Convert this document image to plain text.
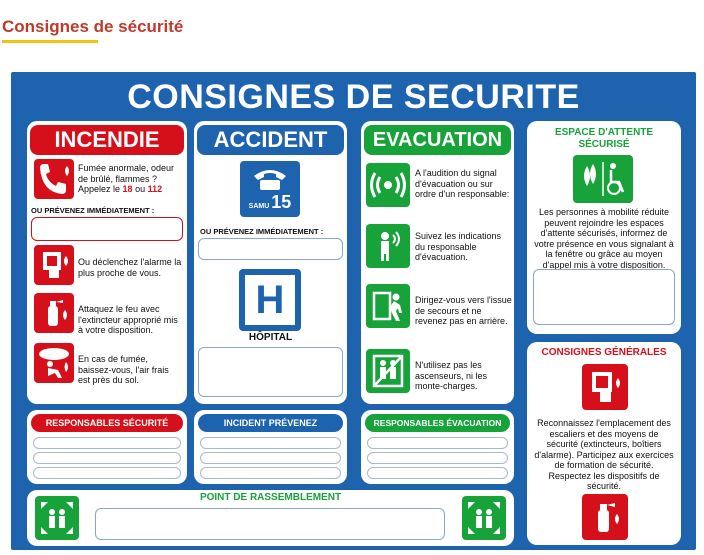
Consignes de sécurité
CONSIGNES DE SECURITE
INCENDIE
Fumée anormale, odeur de brûlé, flammes ?
Appelez le 18 ou 112
OU PRÉVENEZ IMMÉDIATEMENT :
Ou déclenchez l'alarme la plus proche de vous.
Attaquez le feu avec l'extincteur approprié mis à votre disposition.
En cas de fumée, baissez-vous, l'air frais est près du sol.
ACCIDENT
SAMU 15
OU PRÉVENEZ IMMÉDIATEMENT :
H
HÔPITAL
EVACUATION
A l'audition du signal d'évacuation ou sur ordre d'un responsable:
Suivez les indications du responsable d'évacuation.
Dirigez-vous vers l'issue de secours et ne revenez pas en arrière.
N'utilisez pas les ascenseurs, ni les monte-charges.
ESPACE D'ATTENTE SÉCURISÉ
Les personnes à mobilité réduite peuvent rejoindre les espaces d'attente sécurisés, informez de votre présence en vous signalant à la fenêtre ou grâce au moyen d'appel mis à votre disposition.
CONSIGNES GÉNÉRALES
Reconnaissez l'emplacement des escaliers et des moyens de sécurité (extincteurs, boîtiers d'alarme). Participez aux exercices de formation de sécurité. Respectez les dispositifs de sécurité.
RESPONSABLES SÉCURITÉ	INCIDENT PRÉVENEZ	RESPONSABLES ÉVACUATION
POINT DE RASSEMBLEMENT
